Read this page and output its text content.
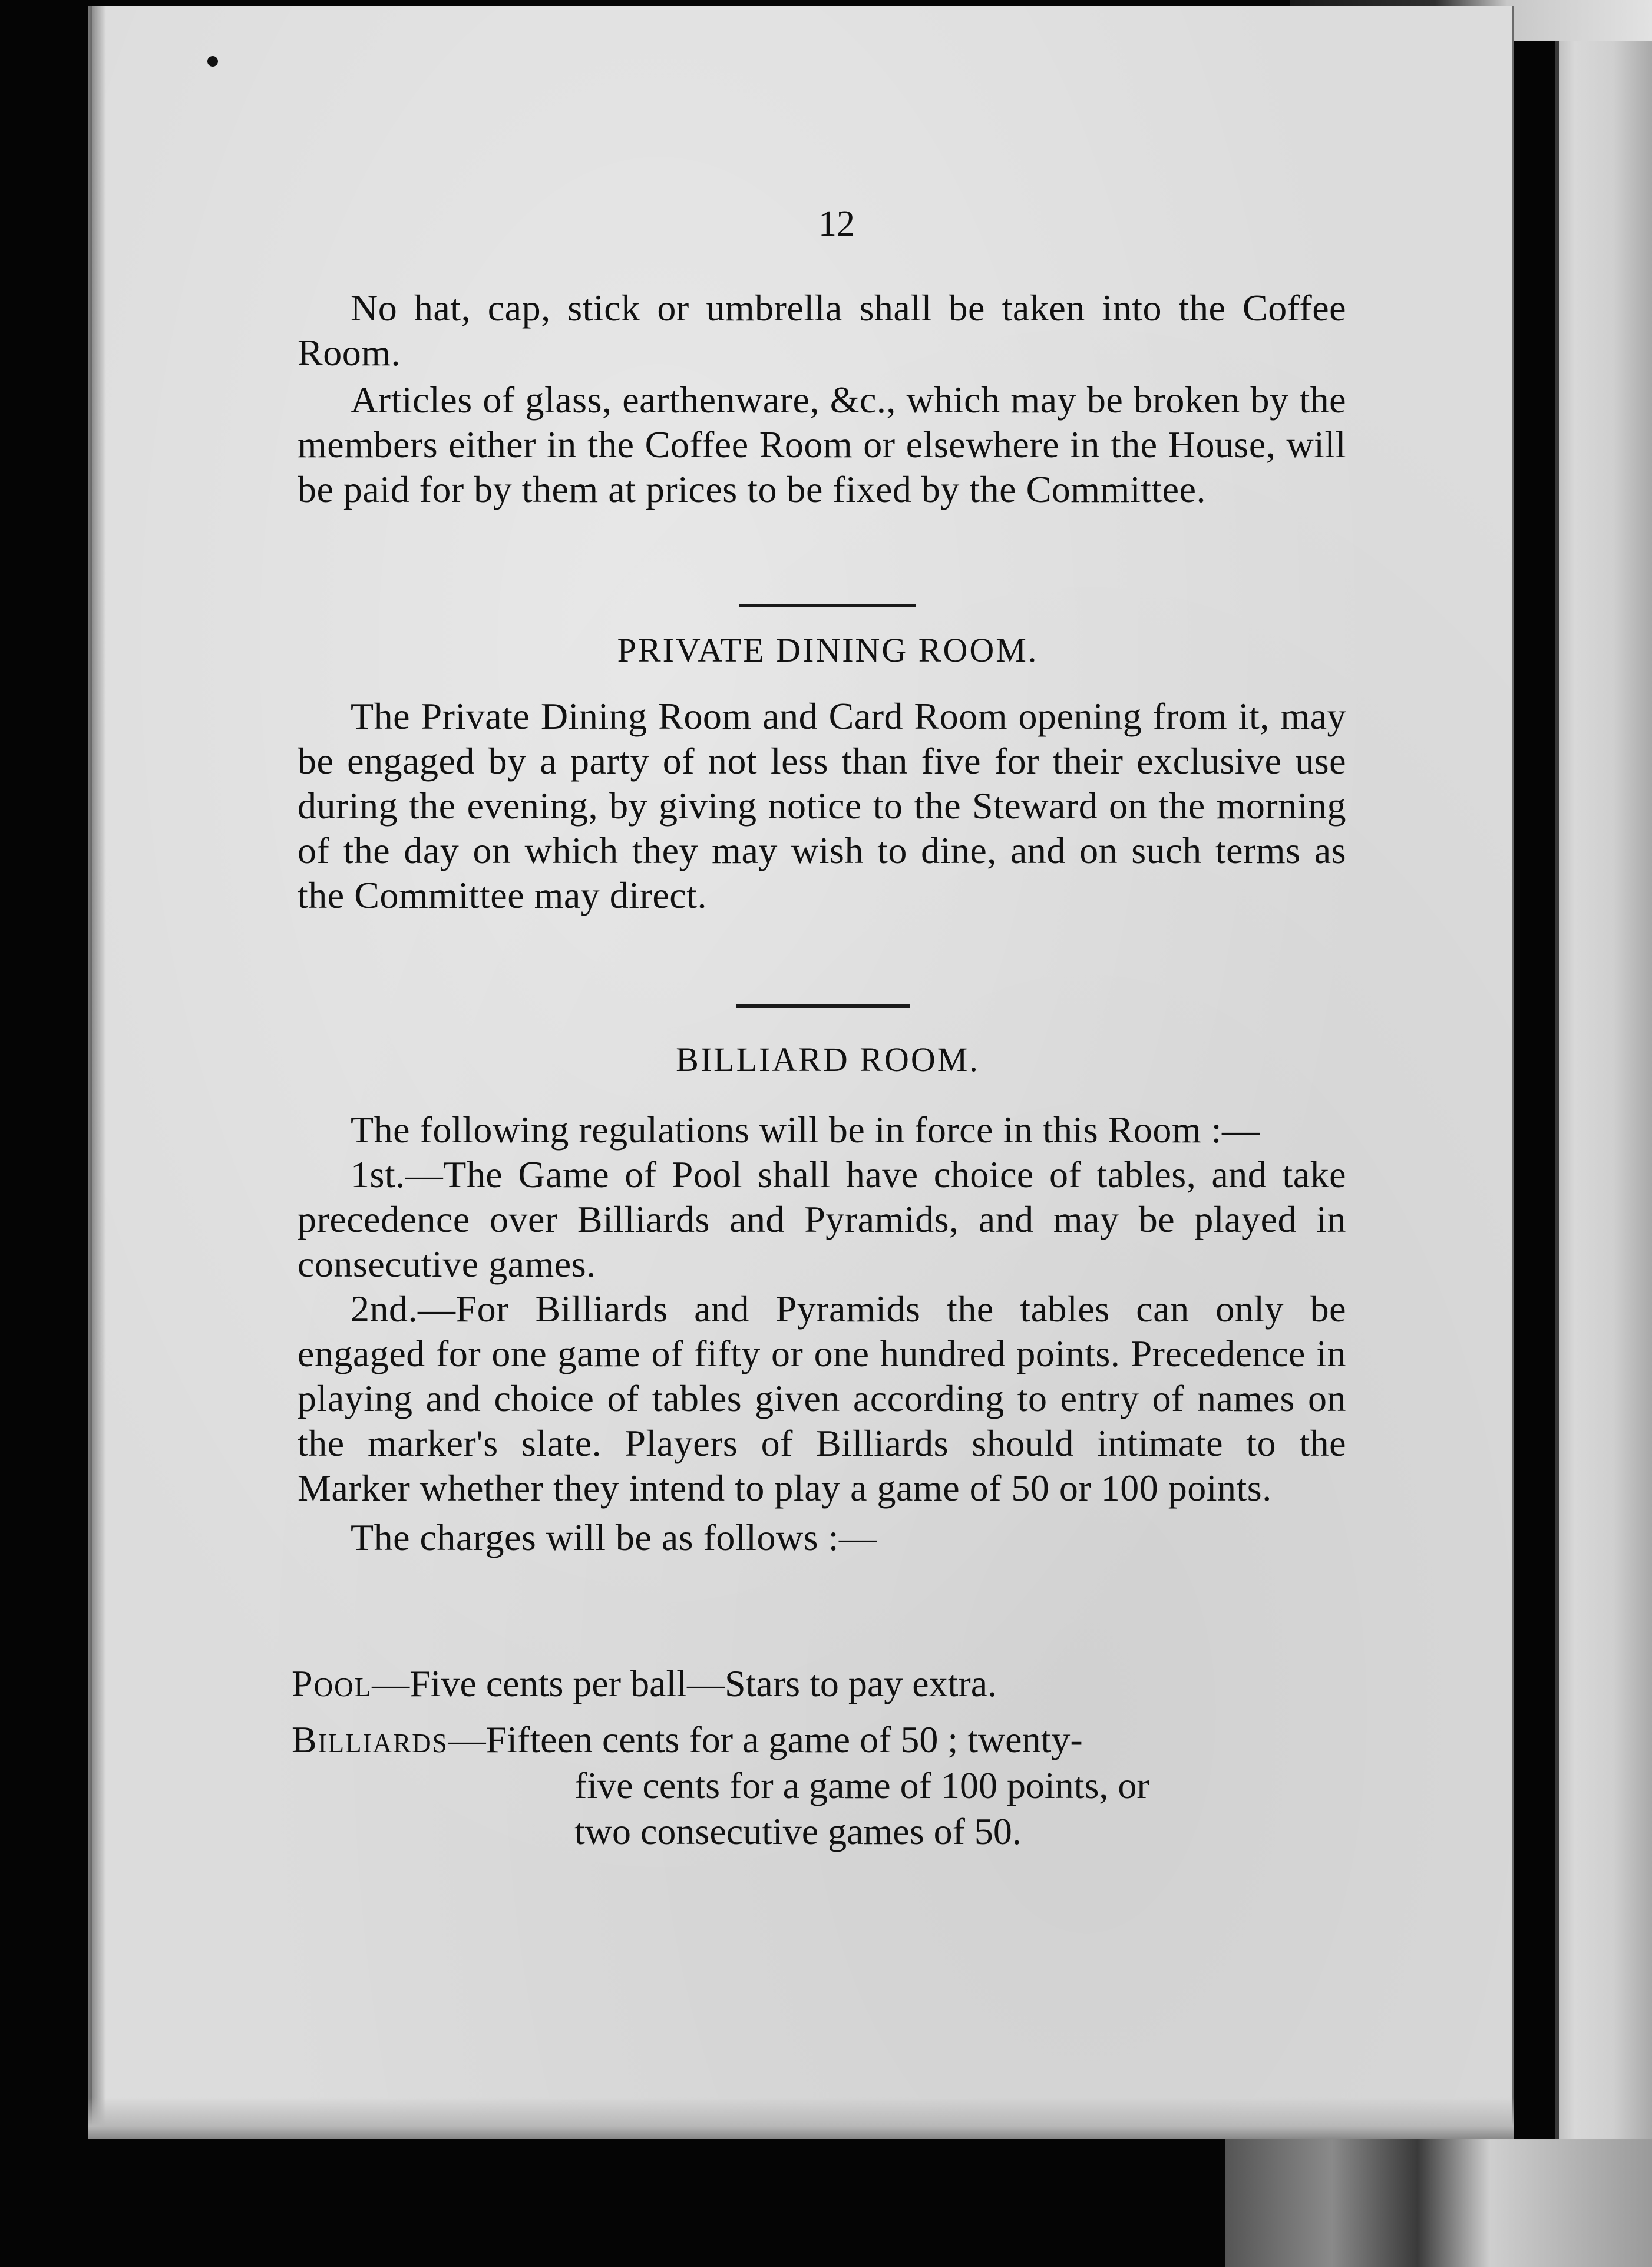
12

No hat, cap, stick or umbrella shall be taken into the Coffee Room.

Articles of glass, earthenware, &c., which may be broken by the members either in the Coffee Room or elsewhere in the House, will be paid for by them at prices to be fixed by the Committee.

PRIVATE DINING ROOM.

The Private Dining Room and Card Room opening from it, may be engaged by a party of not less than five for their exclusive use during the evening, by giving notice to the Steward on the morning of the day on which they may wish to dine, and on such terms as the Committee may direct.

BILLIARD ROOM.

The following regulations will be in force in this Room :—

1st.—The Game of Pool shall have choice of tables, and take precedence over Billiards and Pyramids, and may be played in consecutive games.

2nd.—For Billiards and Pyramids the tables can only be engaged for one game of fifty or one hundred points. Precedence in playing and choice of tables given according to entry of names on the marker's slate. Players of Billiards should intimate to the Marker whether they intend to play a game of 50 or 100 points.

The charges will be as follows :—

Pool—Five cents per ball—Stars to pay extra.
Billiards—Fifteen cents for a game of 50 ; twenty-
five cents for a game of 100 points, or
two consecutive games of 50.
